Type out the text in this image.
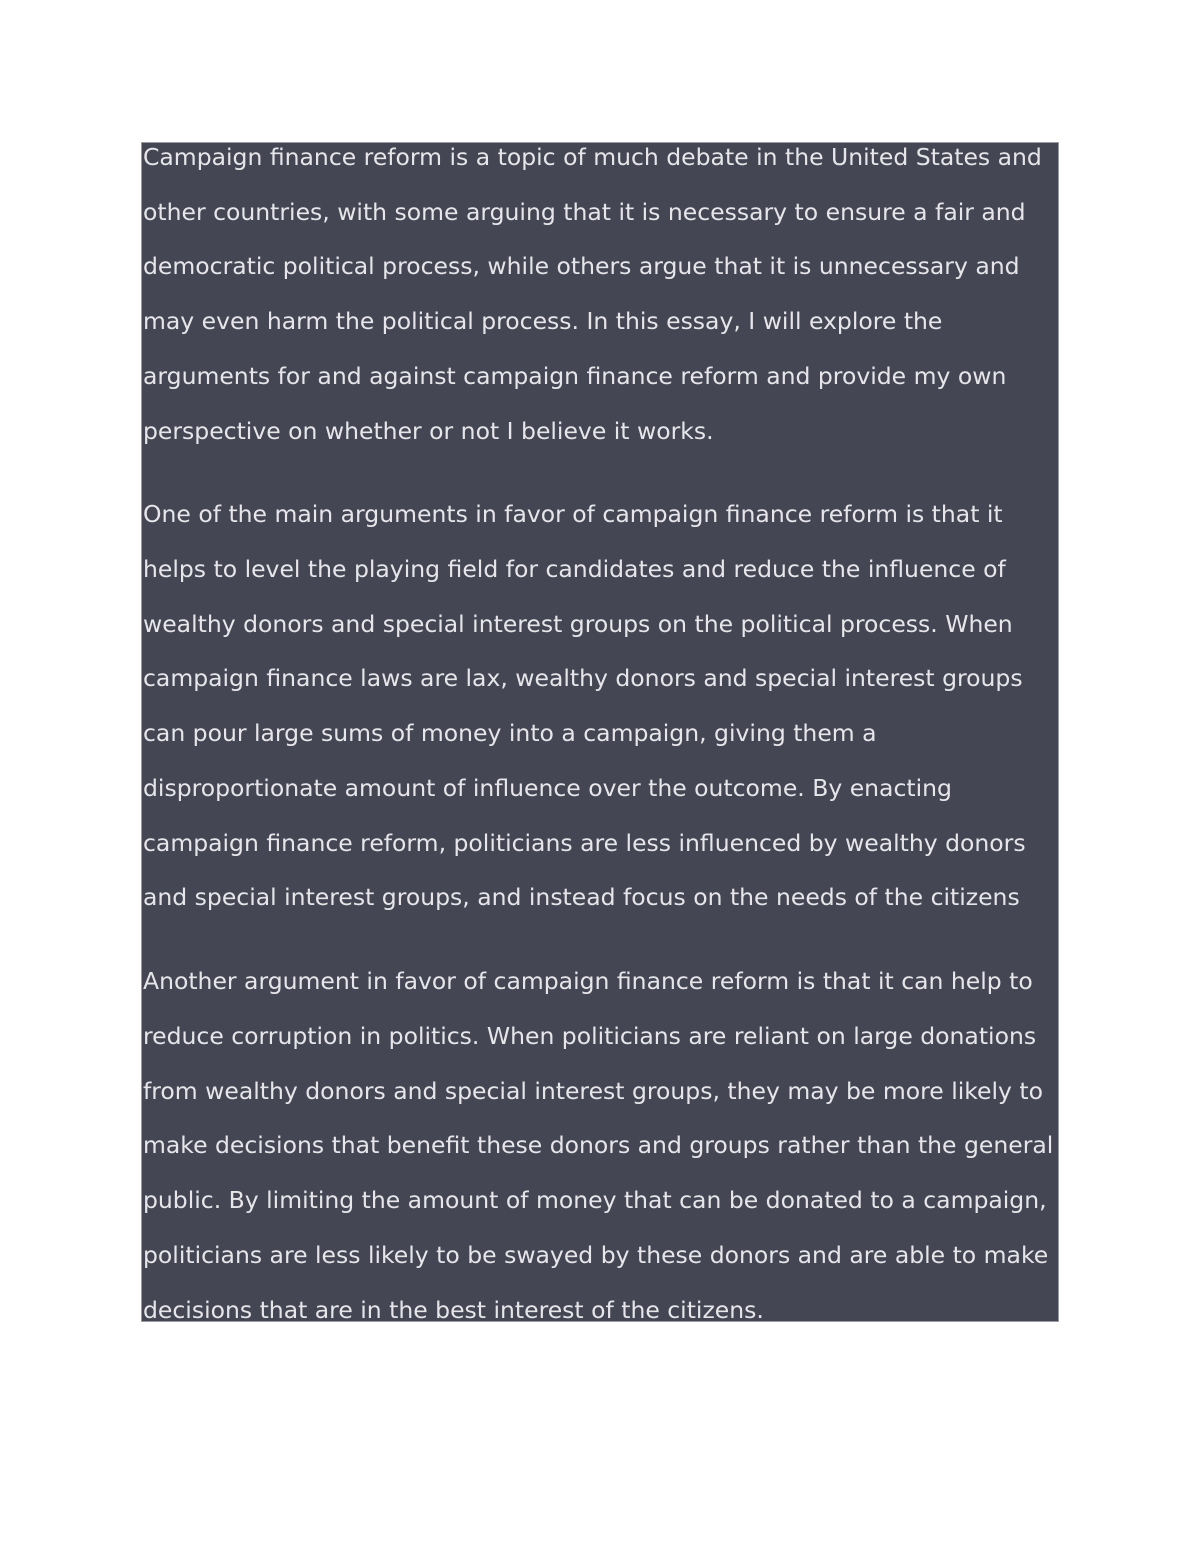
Campaign finance reform is a topic of much debate in the United States and
other countries, with some arguing that it is necessary to ensure a fair and
democratic political process, while others argue that it is unnecessary and
may even harm the political process. In this essay, I will explore the
arguments for and against campaign finance reform and provide my own
perspective on whether or not I believe it works.
One of the main arguments in favor of campaign finance reform is that it
helps to level the playing field for candidates and reduce the influence of
wealthy donors and special interest groups on the political process. When
campaign finance laws are lax, wealthy donors and special interest groups
can pour large sums of money into a campaign, giving them a
disproportionate amount of influence over the outcome. By enacting
campaign finance reform, politicians are less influenced by wealthy donors
and special interest groups, and instead focus on the needs of the citizens
Another argument in favor of campaign finance reform is that it can help to
reduce corruption in politics. When politicians are reliant on large donations
from wealthy donors and special interest groups, they may be more likely to
make decisions that benefit these donors and groups rather than the general
public. By limiting the amount of money that can be donated to a campaign,
politicians are less likely to be swayed by these donors and are able to make
decisions that are in the best interest of the citizens.
